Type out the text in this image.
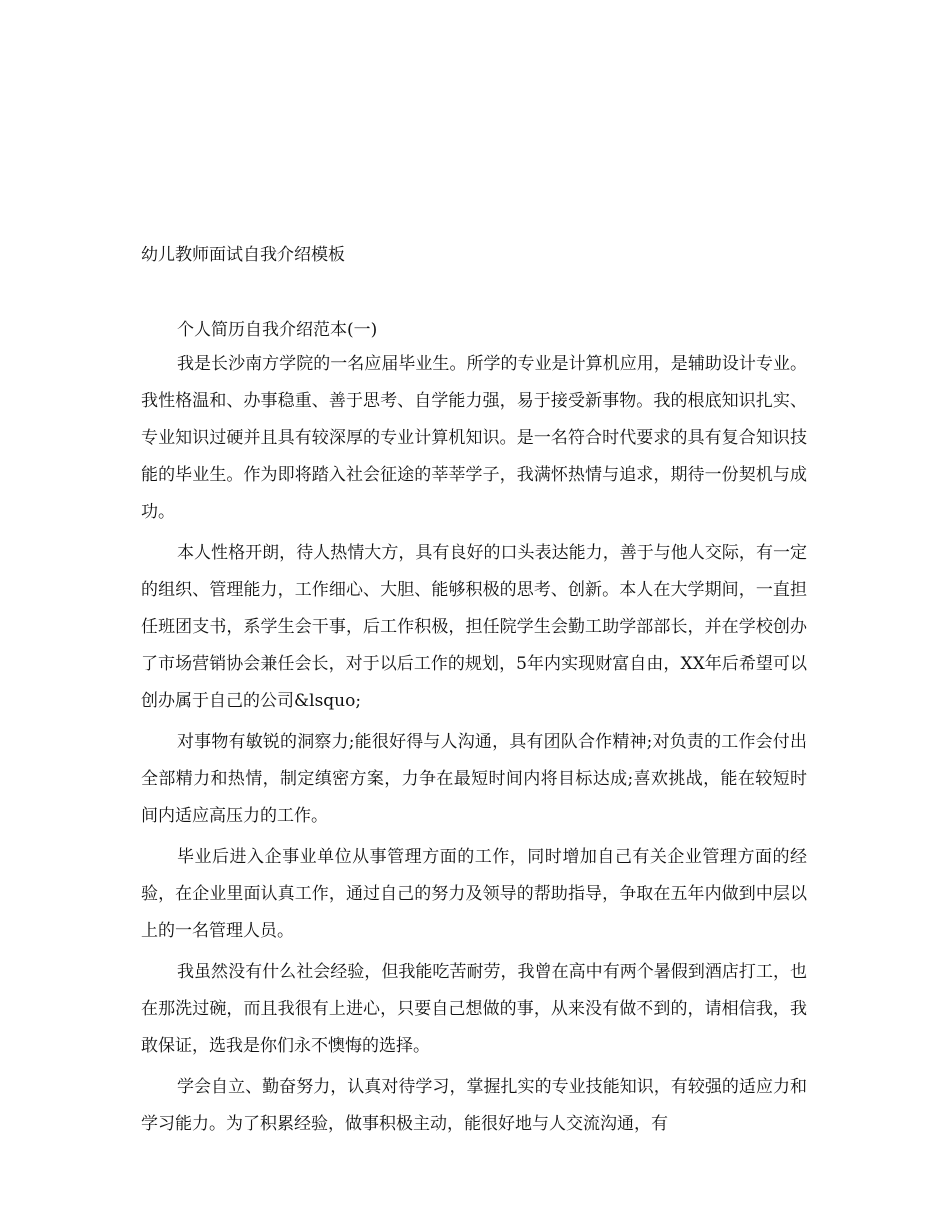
幼儿教师面试自我介绍模板

个人简历自我介绍范本(一)

我是长沙南方学院的一名应届毕业生。所学的专业是计算机应用，是辅助设计专业。我性格温和、办事稳重、善于思考、自学能力强，易于接受新事物。我的根底知识扎实、专业知识过硬并且具有较深厚的专业计算机知识。是一名符合时代要求的具有复合知识技能的毕业生。作为即将踏入社会征途的莘莘学子，我满怀热情与追求，期待一份契机与成功。

本人性格开朗，待人热情大方，具有良好的口头表达能力，善于与他人交际，有一定的组织、管理能力，工作细心、大胆、能够积极的思考、创新。本人在大学期间，一直担任班团支书，系学生会干事，后工作积极，担任院学生会勤工助学部部长，并在学校创办了市场营销协会兼任会长，对于以后工作的规划，5年内实现财富自由，XX年后希望可以创办属于自己的公司&lsquo;

对事物有敏锐的洞察力;能很好得与人沟通，具有团队合作精神;对负责的工作会付出全部精力和热情，制定缜密方案，力争在最短时间内将目标达成;喜欢挑战，能在较短时间内适应高压力的工作。

毕业后进入企事业单位从事管理方面的工作，同时增加自己有关企业管理方面的经验，在企业里面认真工作，通过自己的努力及领导的帮助指导，争取在五年内做到中层以上的一名管理人员。

我虽然没有什么社会经验，但我能吃苦耐劳，我曾在高中有两个暑假到酒店打工，也在那洗过碗，而且我很有上进心，只要自己想做的事，从来没有做不到的，请相信我，我敢保证，选我是你们永不懊悔的选择。

学会自立、勤奋努力，认真对待学习，掌握扎实的专业技能知识，有较强的适应力和学习能力。为了积累经验，做事积极主动，能很好地与人交流沟通，有
